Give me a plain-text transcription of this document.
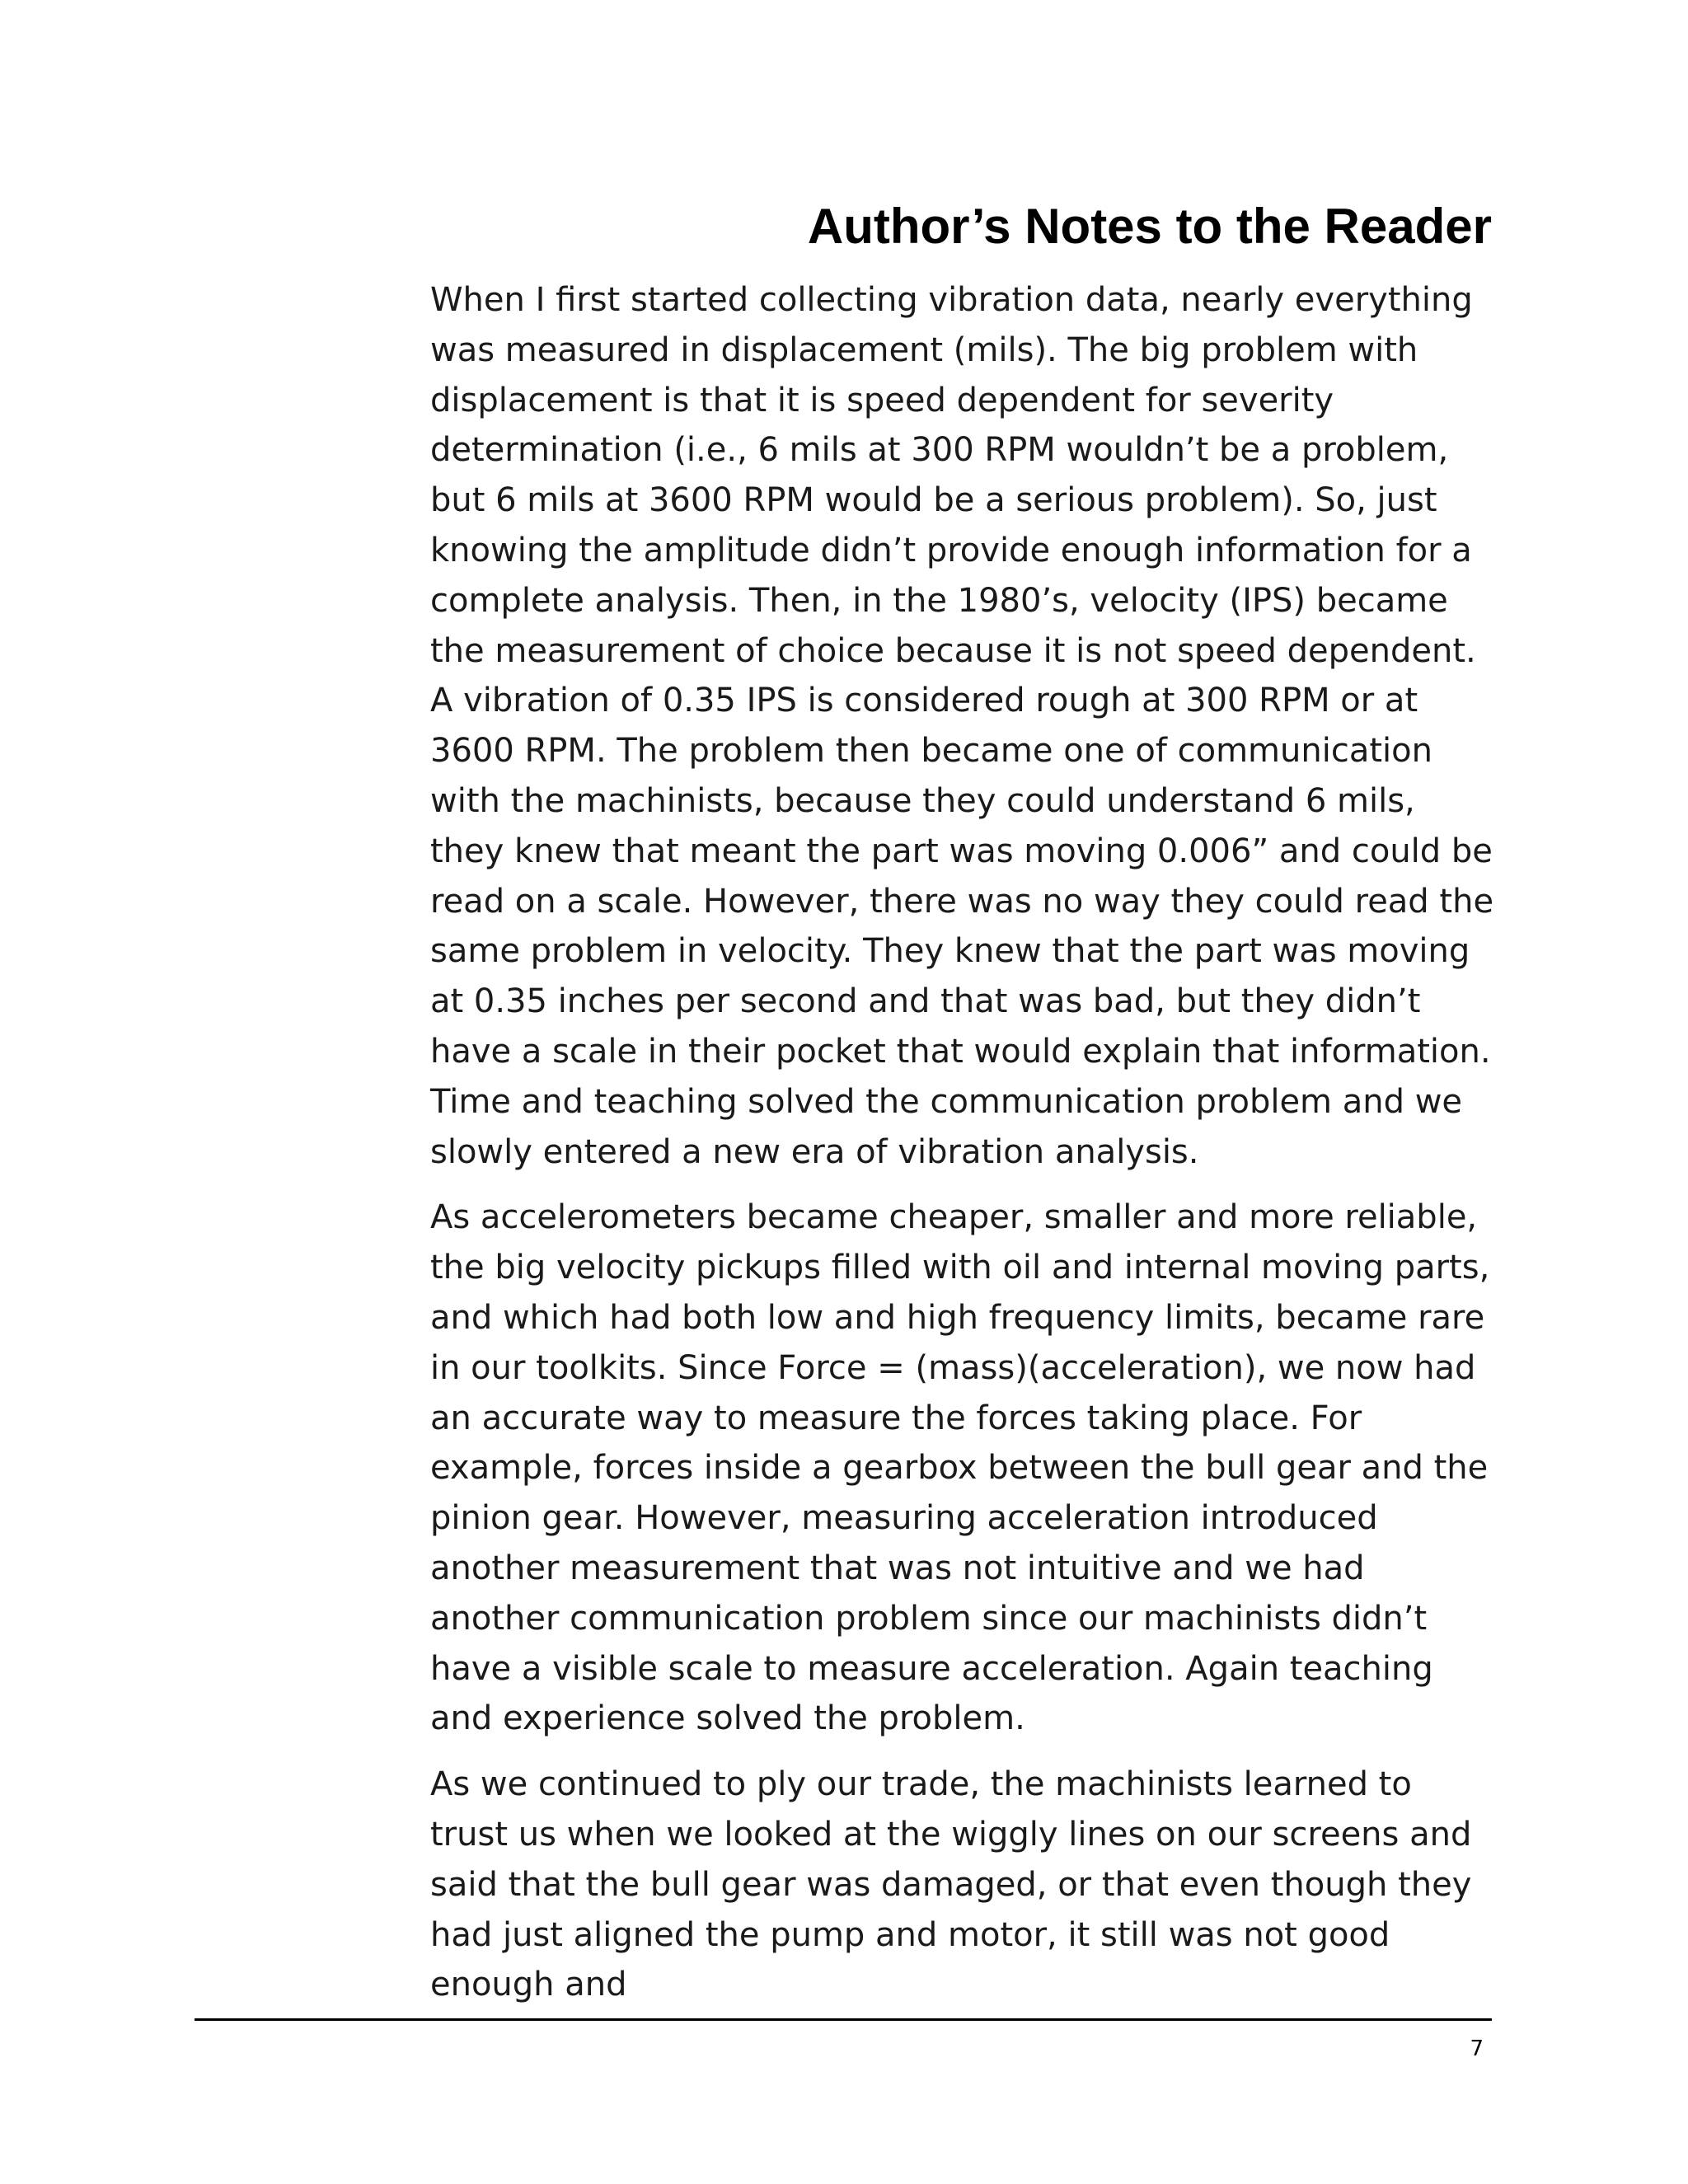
Author’s Notes to the Reader

When I first started collecting vibration data, nearly everything was measured in displacement (mils). The big problem with displacement is that it is speed dependent for severity determination (i.e., 6 mils at 300 RPM wouldn’t be a problem, but 6 mils at 3600 RPM would be a serious problem). So, just knowing the amplitude didn’t provide enough information for a complete analysis. Then, in the 1980’s, velocity (IPS) became the measurement of choice because it is not speed dependent. A vibration of 0.35 IPS is considered rough at 300 RPM or at 3600 RPM. The problem then became one of communication with the machinists, because they could understand 6 mils, they knew that meant the part was moving 0.006” and could be read on a scale. However, there was no way they could read the same problem in velocity. They knew that the part was moving at 0.35 inches per second and that was bad, but they didn’t have a scale in their pocket that would explain that information. Time and teaching solved the communication problem and we slowly entered a new era of vibration analysis.

As accelerometers became cheaper, smaller and more reliable, the big velocity pickups filled with oil and internal moving parts, and which had both low and high frequency limits, became rare in our toolkits. Since Force = (mass)(acceleration), we now had an accurate way to measure the forces taking place. For example, forces inside a gearbox between the bull gear and the pinion gear. However, measuring acceleration introduced another measurement that was not intuitive and we had another communication problem since our machinists didn’t have a visible scale to measure acceleration. Again teaching and experience solved the problem.

As we continued to ply our trade, the machinists learned to trust us when we looked at the wiggly lines on our screens and said that the bull gear was damaged, or that even though they had just aligned the pump and motor, it still was not good enough and

7
